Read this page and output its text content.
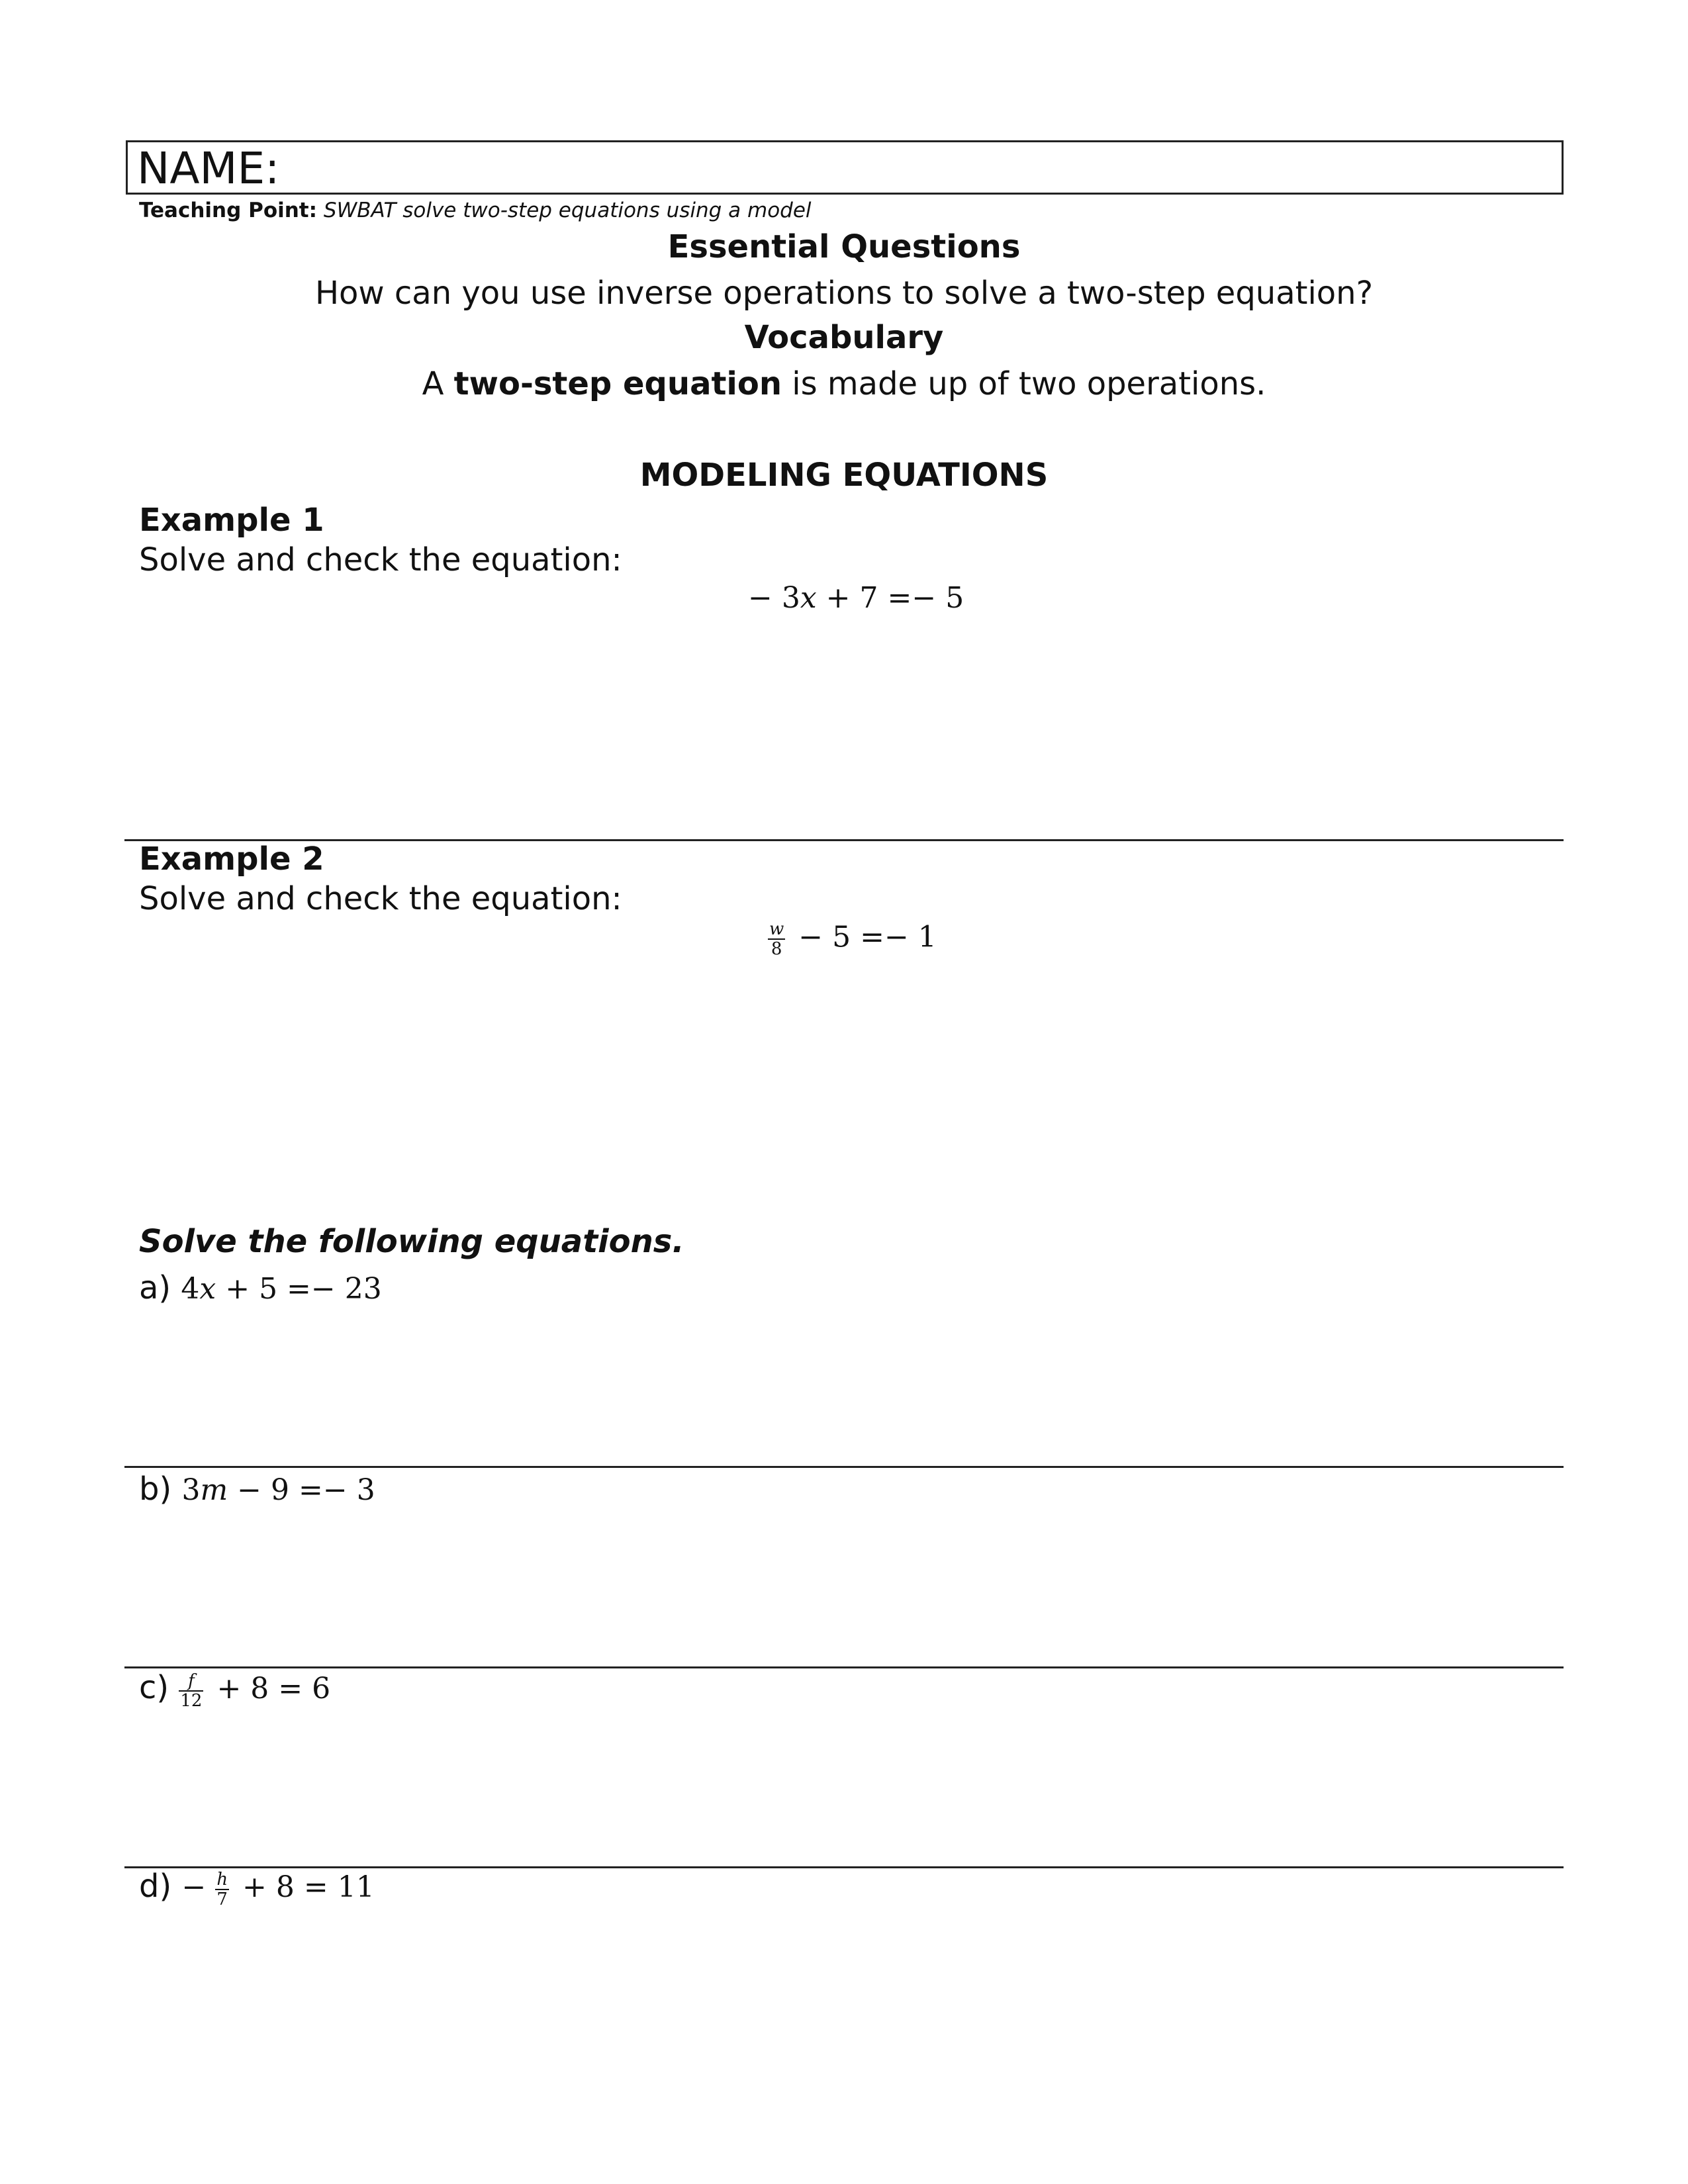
NAME:
Teaching Point: SWBAT solve two-step equations using a model
Essential Questions
How can you use inverse operations to solve a two-step equation?
Vocabulary
A two-step equation is made up of two operations.
MODELING EQUATIONS
Example 1
Solve and check the equation:
− 3x + 7 =− 5
Example 2
Solve and check the equation:
$\frac{w}{8} - 5 =- 1$
Solve the following equations.
a) 4x + 5 =− 23
b) 3m − 9 =− 3
$c) \frac{f}{12} + 8 = 6$
$d) - \frac{h}{7} + 8 = 11$
